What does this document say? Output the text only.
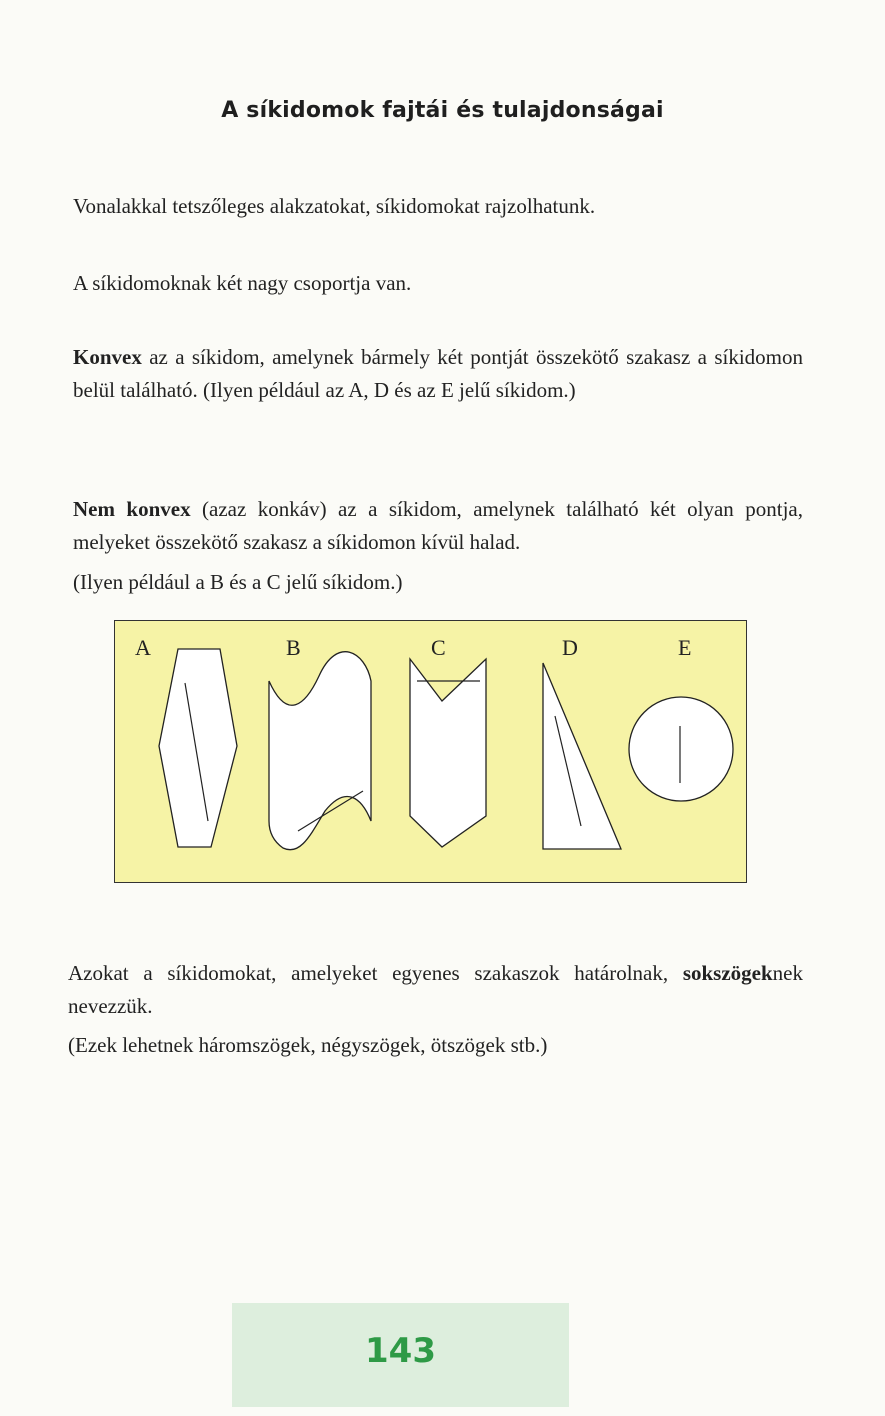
A síkidomok fajtái és tulajdonságai
Vonalakkal tetszőleges alakzatokat, síkidomokat rajzolhatunk.
A síkidomoknak két nagy csoportja van.
Konvex az a síkidom, amelynek bármely két pontját összekötő szakasz a síkidomon belül található. (Ilyen például az A, D és az E jelű síkidom.)
Nem konvex (azaz konkáv) az a síkidom, amelynek található két olyan pontja, melyeket összekötő szakasz a síkidomon kívül halad.
(Ilyen például a B és a C jelű síkidom.)
A	B	C	D	E
Azokat a síkidomokat, amelyeket egyenes szakaszok határolnak, sokszögeknek nevezzük.
(Ezek lehetnek háromszögek, négyszögek, ötszögek stb.)
143
